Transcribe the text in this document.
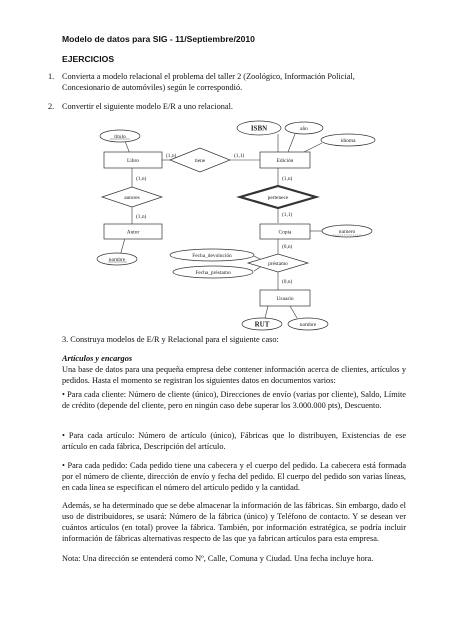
Modelo de datos para SIG - 11/Septiembre/2010
EJERCICIOS
1. Convierta a modelo relacional el problema del taller 2 (Zoológico, Información Policial, Concesionario de automóviles) según le correspondió.
2. Convertir el siguiente modelo E/R a uno relacional.
título
ISBN	año
idioma
nombre
numero
Fecha_devolución
Fecha_préstamo
RUT	nombre
Libro	Edición
Autor	Copia
Usuario
tiene
autores	pertenece
préstamo
(1,n)	(1,1)
(1,n)
(1,n)
(1,n)
(1,1)
(0,n)
(0,n)
3. Construya modelos de E/R y Relacional para el siguiente caso:
Artículos y encargos
Una base de datos para una pequeña empresa debe contener información acerca de clientes, artículos y pedidos. Hasta el momento se registran los siguientes datos en documentos varios:
• Para cada cliente: Número de cliente (único), Direcciones de envío (varias por cliente), Saldo, Límite de crédito (depende del cliente, pero en ningún caso debe superar los 3.000.000 pts), Descuento.
• Para cada artículo: Número de artículo (único), Fábricas que lo distribuyen, Existencias de ese artículo en cada fábrica, Descripción del artículo.
• Para cada pedido: Cada pedido tiene una cabecera y el cuerpo del pedido. La cabecera está formada por el número de cliente, dirección de envío y fecha del pedido. El cuerpo del pedido son varias líneas, en cada línea se especifican el número del artículo pedido y la cantidad.
Además, se ha determinado que se debe almacenar la información de las fábricas. Sin embargo, dado el uso de distribuidores, se usará: Número de la fábrica (único) y Teléfono de contacto. Y se desean ver cuántos artículos (en total) provee la fábrica. También, por información estratégica, se podría incluir información de fábricas alternativas respecto de las que ya fabrican artículos para esta empresa.
Nota: Una dirección se entenderá como Nº, Calle, Comuna y Ciudad. Una fecha incluye hora.
